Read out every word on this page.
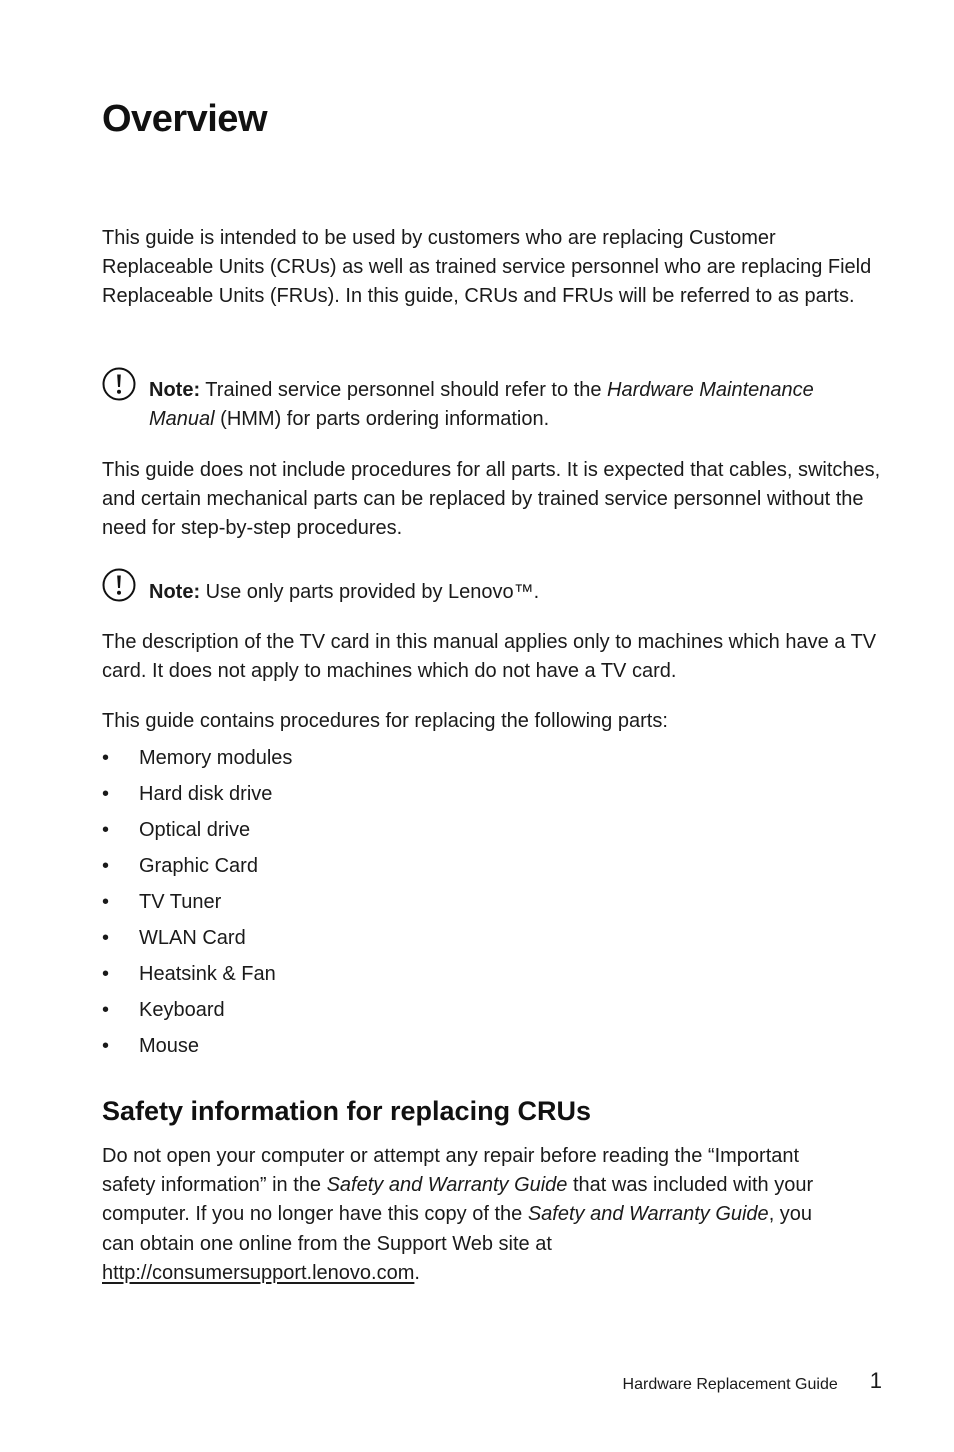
Overview

This guide is intended to be used by customers who are replacing Customer Replaceable Units (CRUs) as well as trained service personnel who are replacing Field Replaceable Units (FRUs). In this guide, CRUs and FRUs will be referred to as parts.

Note: Trained service personnel should refer to the Hardware Maintenance Manual (HMM) for parts ordering information.

This guide does not include procedures for all parts. It is expected that cables, switches, and certain mechanical parts can be replaced by trained service personnel without the need for step-by-step procedures.

Note: Use only parts provided by Lenovo™.

The description of the TV card in this manual applies only to machines which have a TV card. It does not apply to machines which do not have a TV card.

This guide contains procedures for replacing the following parts:

• Memory modules
• Hard disk drive
• Optical drive
• Graphic Card
• TV Tuner
• WLAN Card
• Heatsink & Fan
• Keyboard
• Mouse
Safety information for replacing CRUs

Do not open your computer or attempt any repair before reading the “Important safety information” in the Safety and Warranty Guide that was included with your computer. If you no longer have this copy of the Safety and Warranty Guide, you can obtain one online from the Support Web site at http://consumersupport.lenovo.com.

Hardware Replacement Guide 1
